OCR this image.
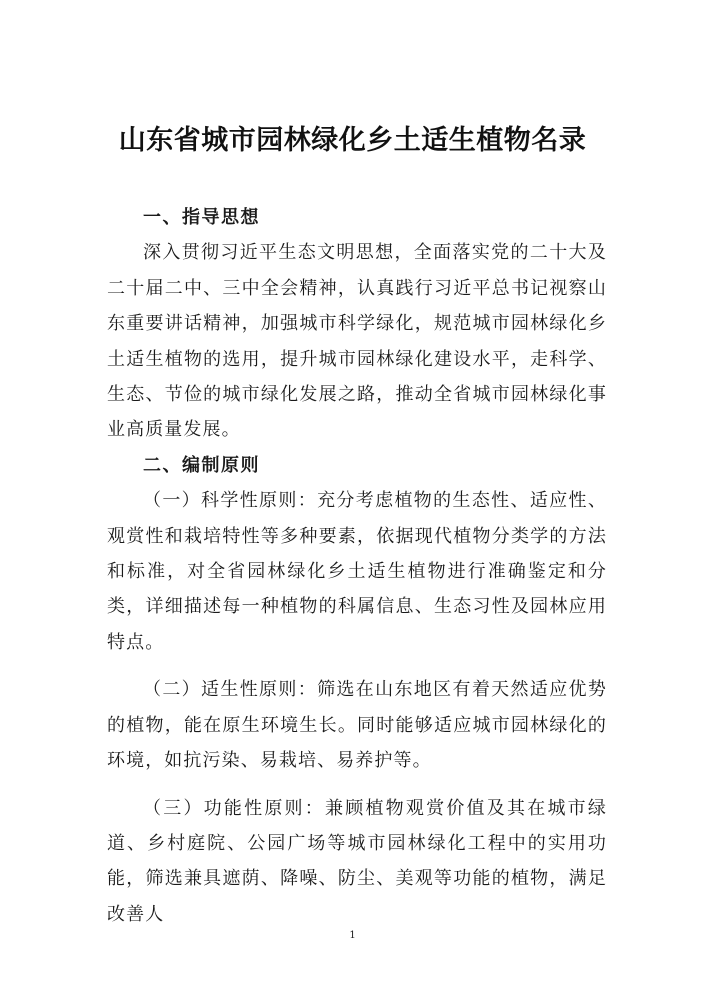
山东省城市园林绿化乡土适生植物名录

一、指导思想

深入贯彻习近平生态文明思想，全面落实党的二十大及二十届二中、三中全会精神，认真践行习近平总书记视察山东重要讲话精神，加强城市科学绿化，规范城市园林绿化乡土适生植物的选用，提升城市园林绿化建设水平，走科学、生态、节俭的城市绿化发展之路，推动全省城市园林绿化事业高质量发展。

二、编制原则

（一）科学性原则：充分考虑植物的生态性、适应性、观赏性和栽培特性等多种要素，依据现代植物分类学的方法和标准，对全省园林绿化乡土适生植物进行准确鉴定和分类，详细描述每一种植物的科属信息、生态习性及园林应用特点。

（二）适生性原则：筛选在山东地区有着天然适应优势的植物，能在原生环境生长。同时能够适应城市园林绿化的环境，如抗污染、易栽培、易养护等。

（三）功能性原则：兼顾植物观赏价值及其在城市绿道、乡村庭院、公园广场等城市园林绿化工程中的实用功能，筛选兼具遮荫、降噪、防尘、美观等功能的植物，满足改善人

1
